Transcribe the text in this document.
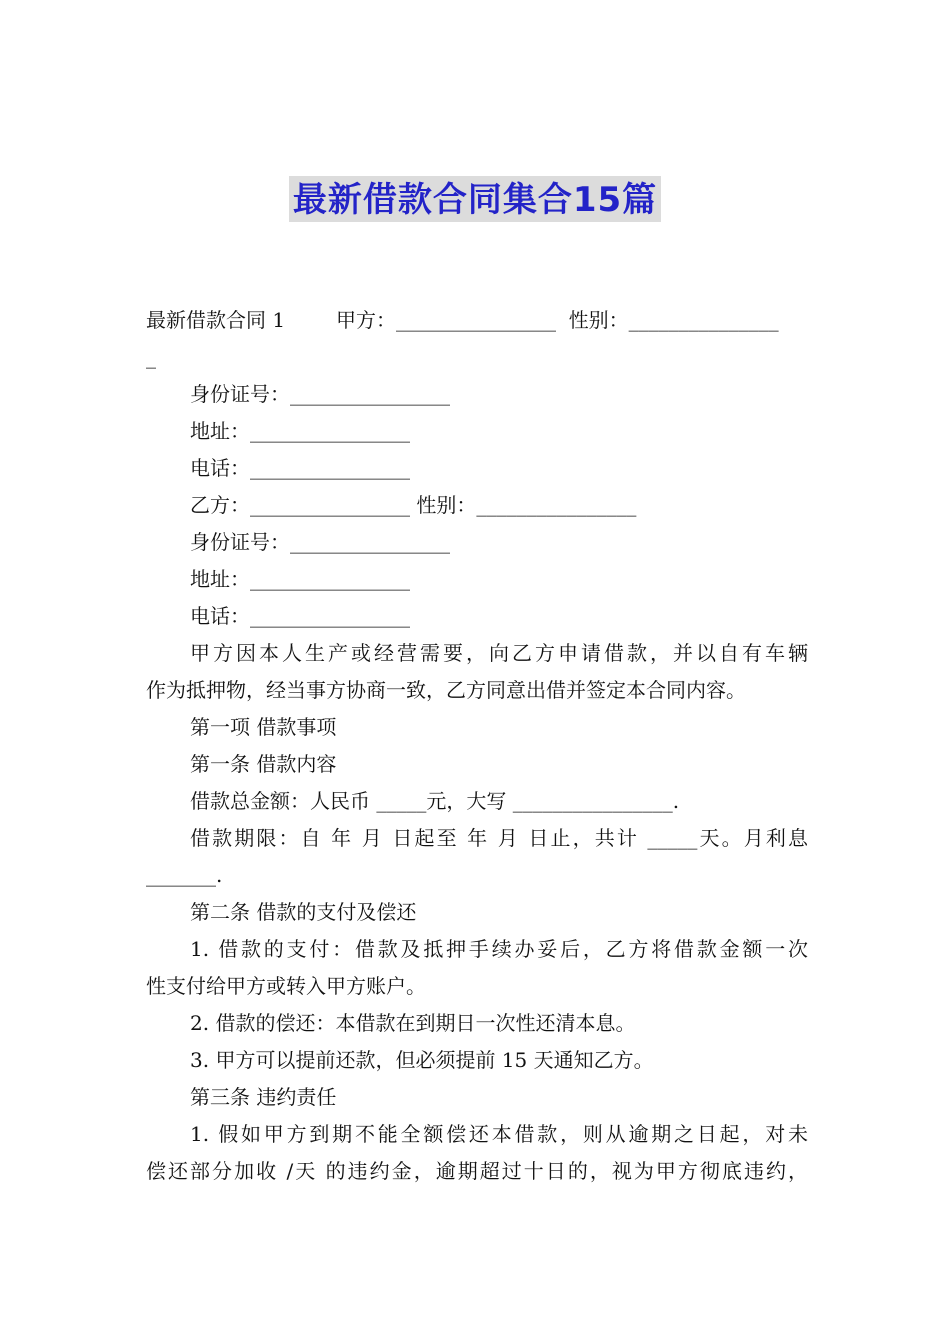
最新借款合同集合15篇
最新借款合同 1        甲方：________________  性别：_______________
_
身份证号：________________
地址：________________
电话：________________
乙方：________________ 性别：________________
身份证号：________________
地址：________________
电话：________________
甲方因本人生产或经营需要，向乙方申请借款，并以自有车辆
作为抵押物，经当事方协商一致，乙方同意出借并签定本合同内容。
第一项 借款事项
第一条 借款内容
借款总金额：人民币 _____元，大写 ________________.
借款期限：自 年 月 日起至 年 月 日止，共计 _____天。月利息
_______.
第二条 借款的支付及偿还
1. 借款的支付：借款及抵押手续办妥后，乙方将借款金额一次
性支付给甲方或转入甲方账户。
2. 借款的偿还：本借款在到期日一次性还清本息。
3. 甲方可以提前还款，但必须提前 15 天通知乙方。
第三条 违约责任
1. 假如甲方到期不能全额偿还本借款，则从逾期之日起，对未
偿还部分加收 /天 的违约金，逾期超过十日的，视为甲方彻底违约，
